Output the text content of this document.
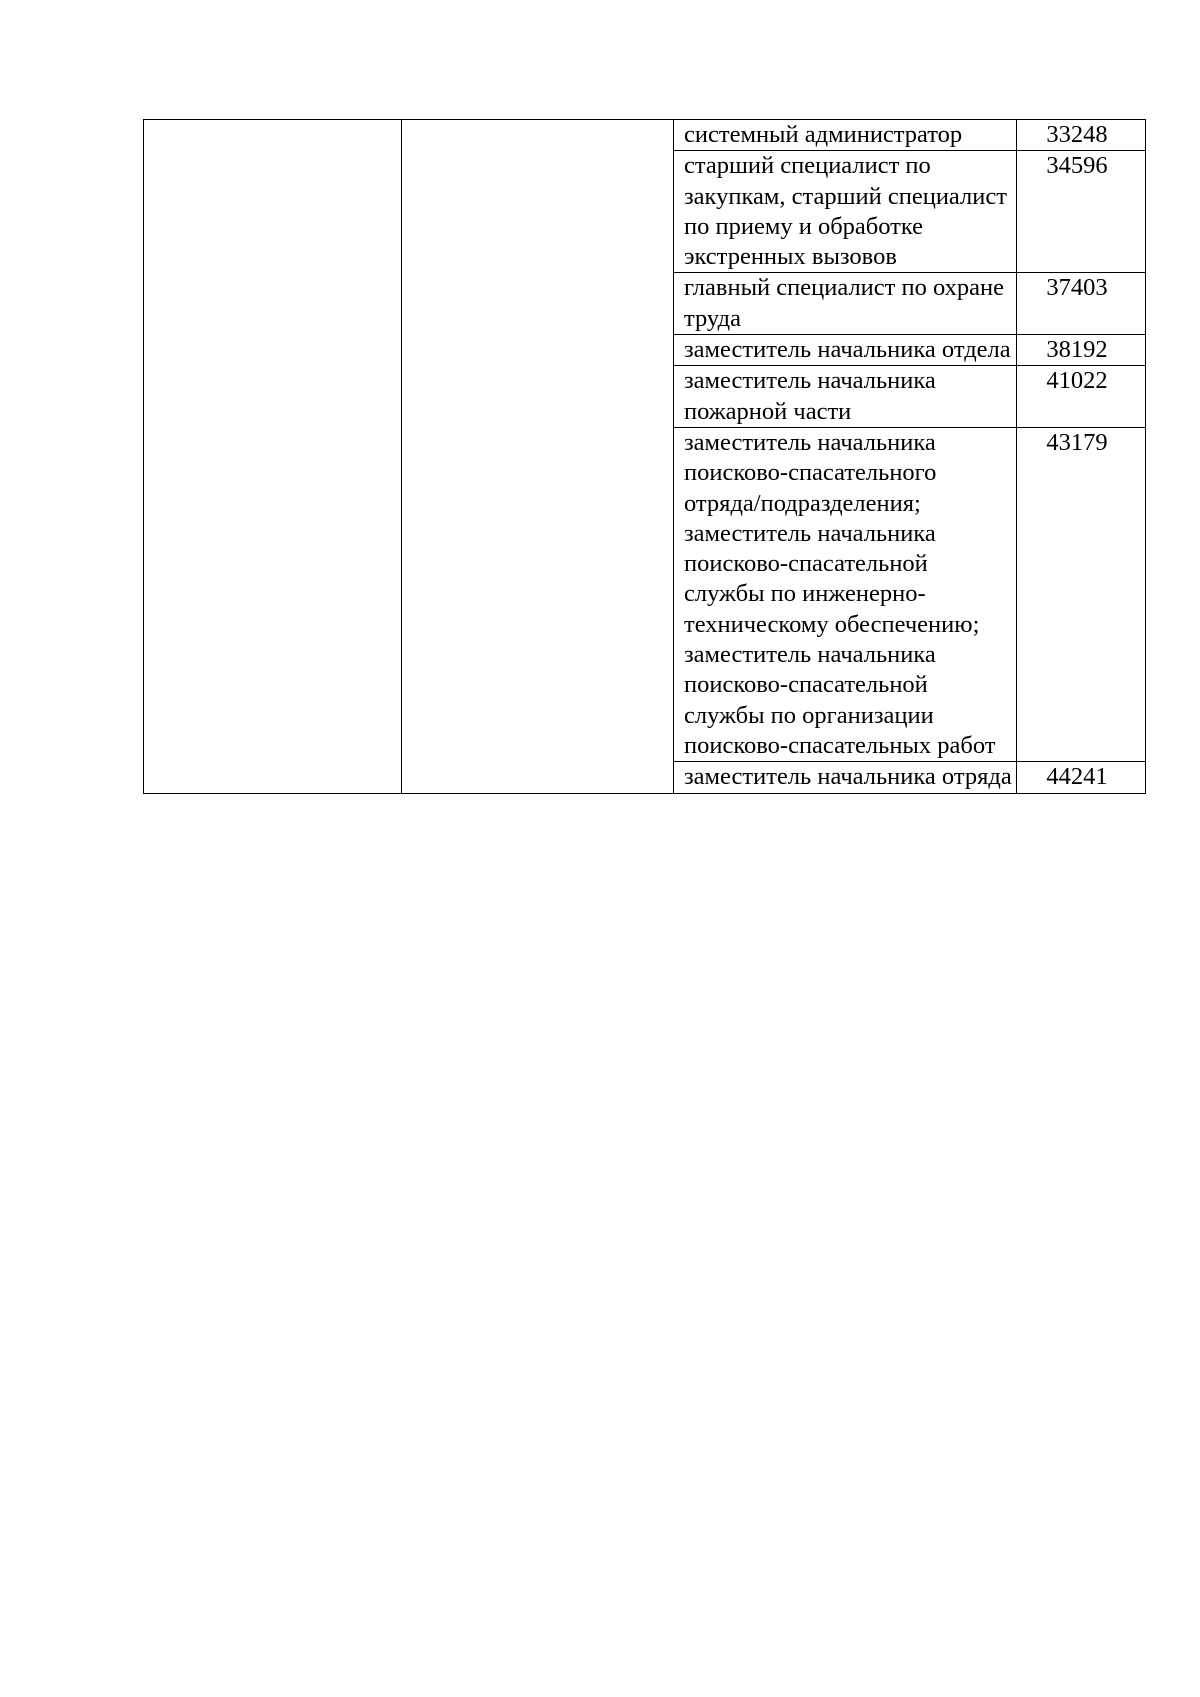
		системный администратор	33248
		старший специалист по закупкам, старший специалист по приему и обработке экстренных вызовов	34596
		главный специалист по охране труда	37403
		заместитель начальника отдела	38192
		заместитель начальника пожарной части	41022
		заместитель начальника поисково-спасательного отряда/подразделения; заместитель начальника поисково-спасательной службы по инженерно-техническому обеспечению; заместитель начальника поисково-спасательной службы по организации поисково-спасательных работ	43179
		заместитель начальника отряда	44241
